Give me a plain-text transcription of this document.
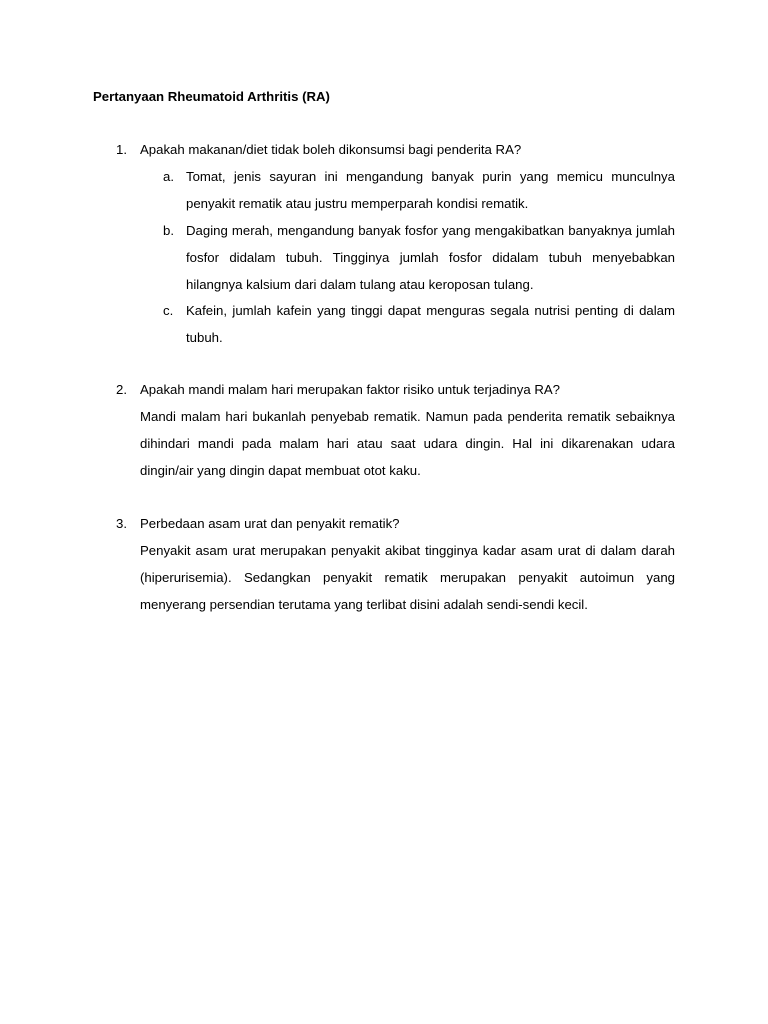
Pertanyaan Rheumatoid Arthritis (RA)
1. Apakah makanan/diet tidak boleh dikonsumsi bagi penderita RA?
a. Tomat, jenis sayuran ini mengandung banyak purin yang memicu munculnya penyakit rematik atau justru memperparah kondisi rematik.
b. Daging merah, mengandung banyak fosfor yang mengakibatkan banyaknya jumlah fosfor didalam tubuh. Tingginya jumlah fosfor didalam tubuh menyebabkan hilangnya kalsium dari dalam tulang atau keroposan tulang.
c. Kafein, jumlah kafein yang tinggi dapat menguras segala nutrisi penting di dalam tubuh.
2. Apakah mandi malam hari merupakan faktor risiko untuk terjadinya RA?
Mandi malam hari bukanlah penyebab rematik. Namun pada penderita rematik sebaiknya dihindari mandi pada malam hari atau saat udara dingin. Hal ini dikarenakan udara dingin/air yang dingin dapat membuat otot kaku.
3. Perbedaan asam urat dan penyakit rematik?
Penyakit asam urat merupakan penyakit akibat tingginya kadar asam urat di dalam darah (hiperurisemia). Sedangkan penyakit rematik merupakan penyakit autoimun yang menyerang persendian terutama yang terlibat disini adalah sendi-sendi kecil.
